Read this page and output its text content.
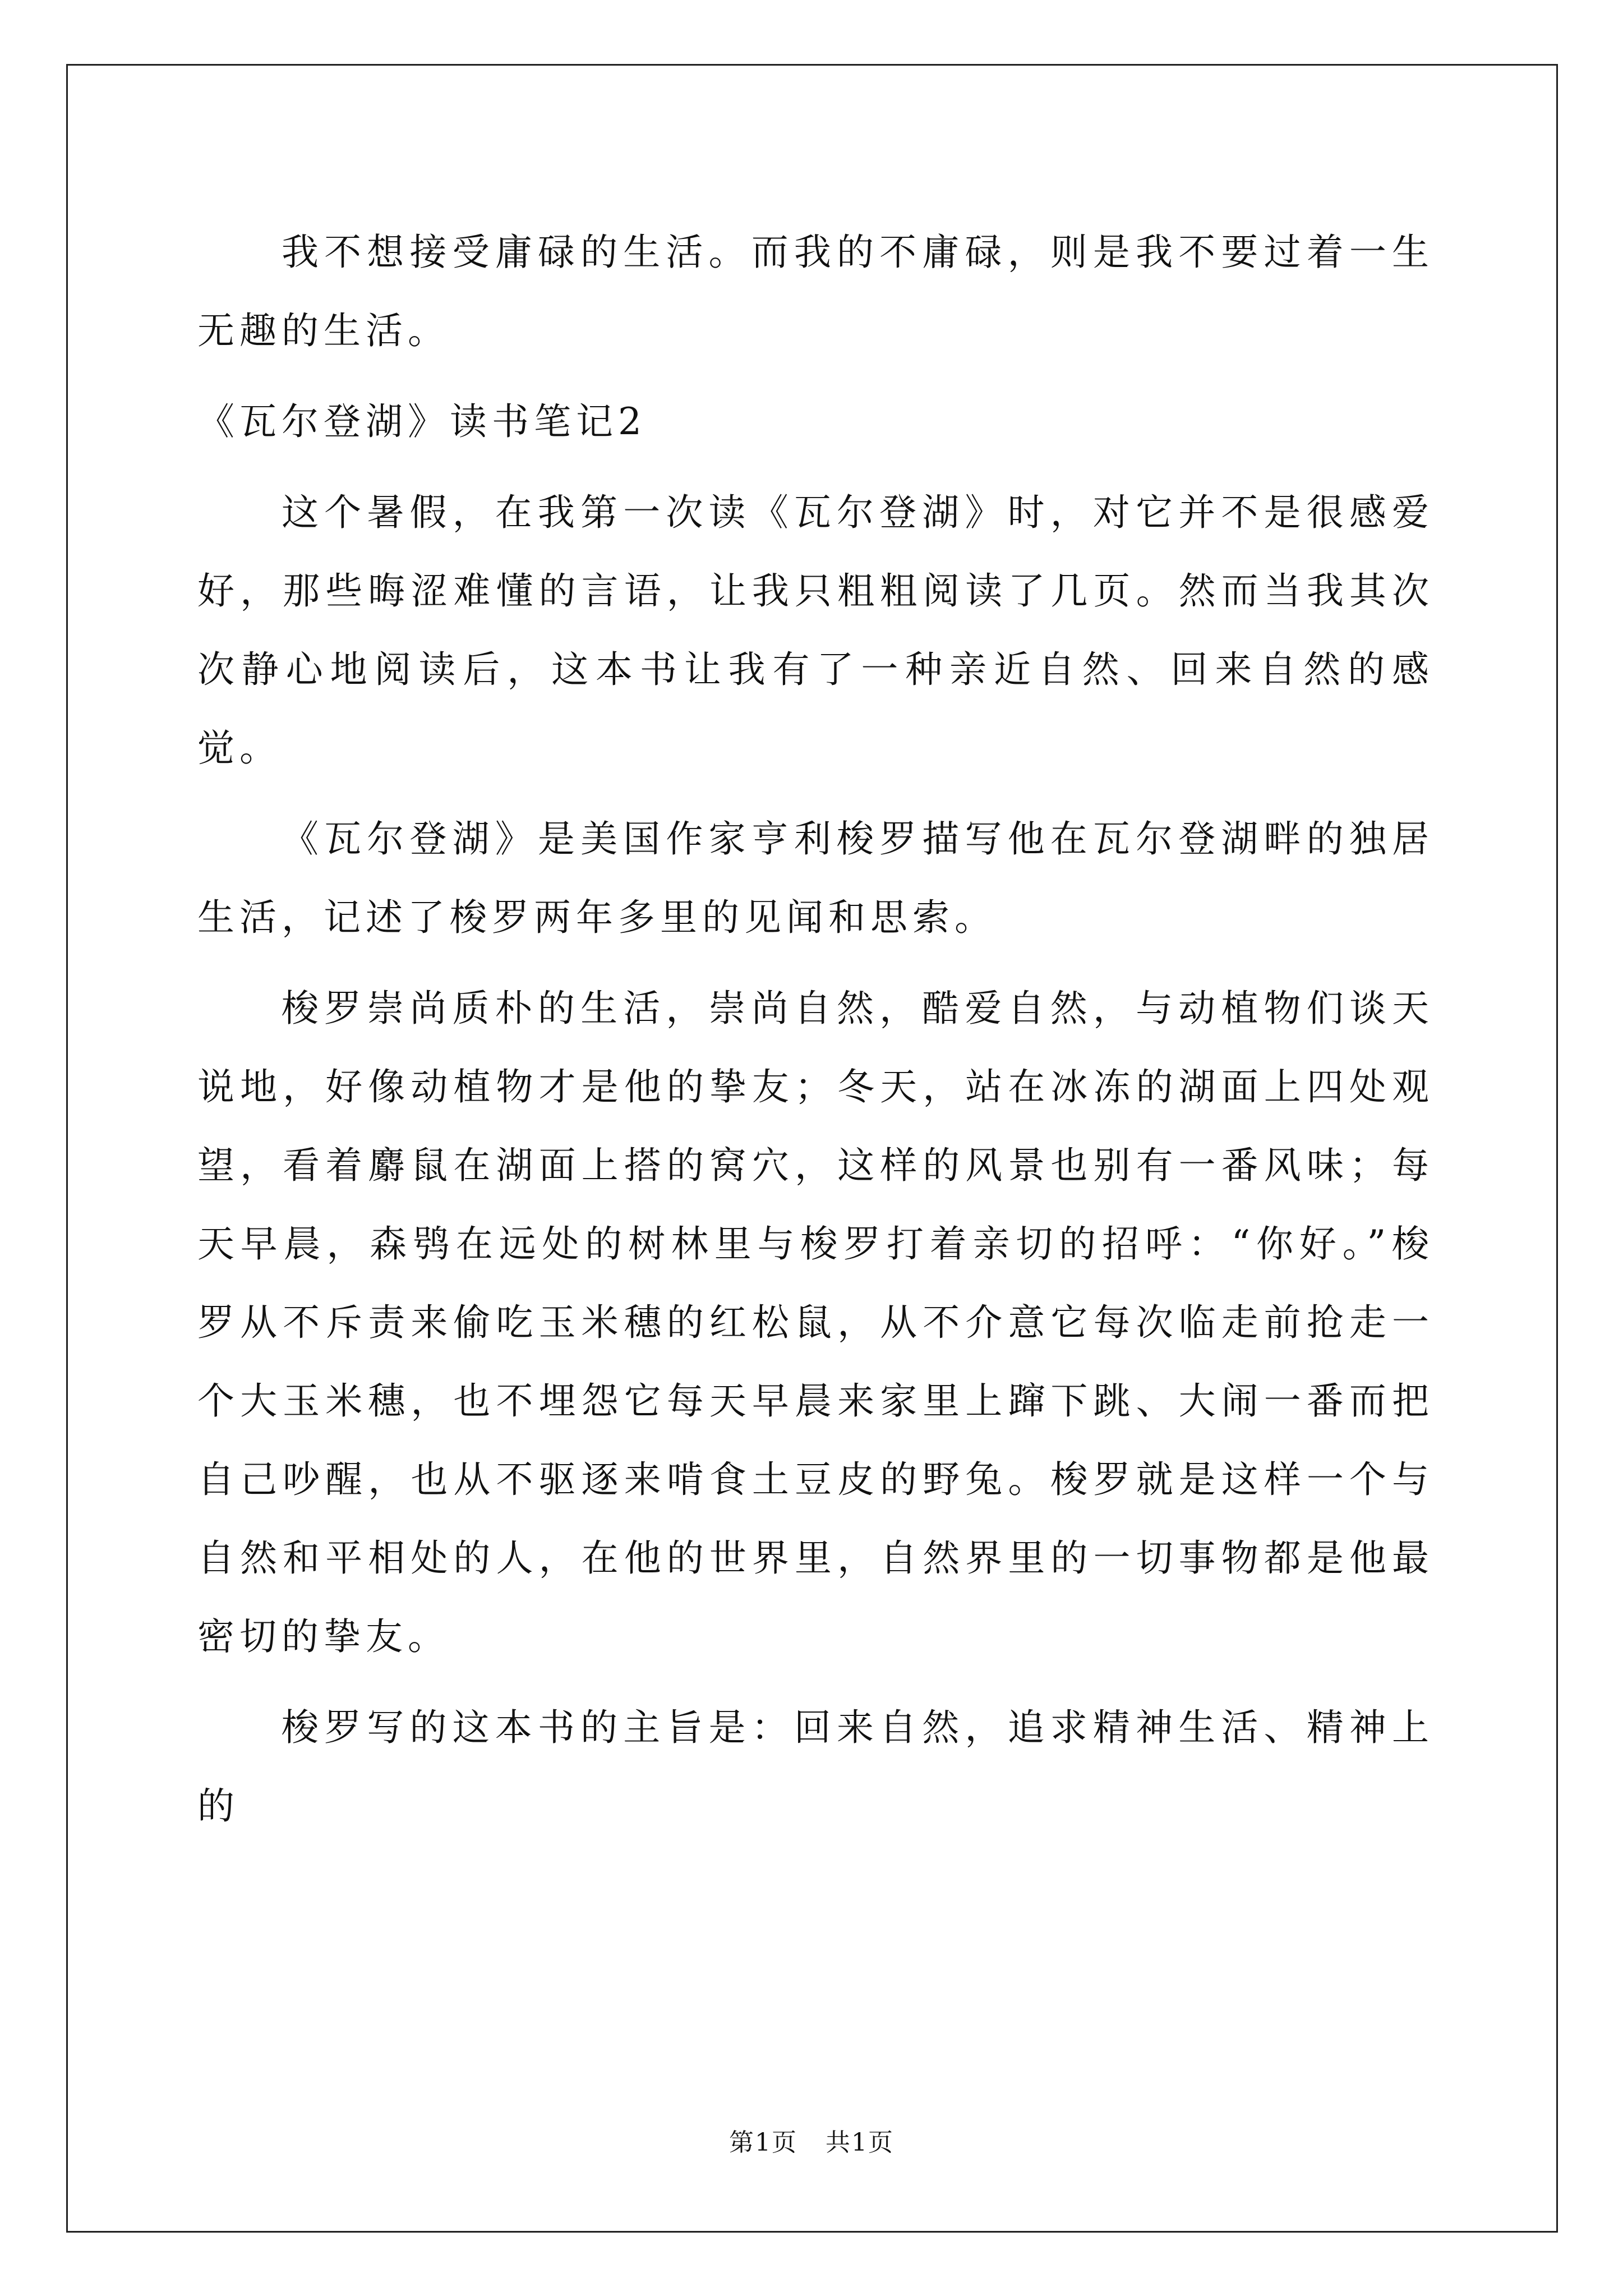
我不想接受庸碌的生活。而我的不庸碌，则是我不要过着一生无趣的生活。

《瓦尔登湖》读书笔记2

这个暑假，在我第一次读《瓦尔登湖》时，对它并不是很感爱好，那些晦涩难懂的言语，让我只粗粗阅读了几页。然而当我其次次静心地阅读后，这本书让我有了一种亲近自然、回来自然的感觉。

《瓦尔登湖》是美国作家亨利梭罗描写他在瓦尔登湖畔的独居生活，记述了梭罗两年多里的见闻和思索。

梭罗崇尚质朴的生活，崇尚自然，酷爱自然，与动植物们谈天说地，好像动植物才是他的挚友；冬天，站在冰冻的湖面上四处观望，看着麝鼠在湖面上搭的窝穴，这样的风景也别有一番风味；每天早晨，森鸮在远处的树林里与梭罗打着亲切的招呼：“你好。”梭罗从不斥责来偷吃玉米穗的红松鼠，从不介意它每次临走前抢走一个大玉米穗，也不埋怨它每天早晨来家里上蹿下跳、大闹一番而把自己吵醒，也从不驱逐来啃食土豆皮的野兔。梭罗就是这样一个与自然和平相处的人，在他的世界里，自然界里的一切事物都是他最密切的挚友。

梭罗写的这本书的主旨是：回来自然，追求精神生活、精神上的

第1页 共1页
